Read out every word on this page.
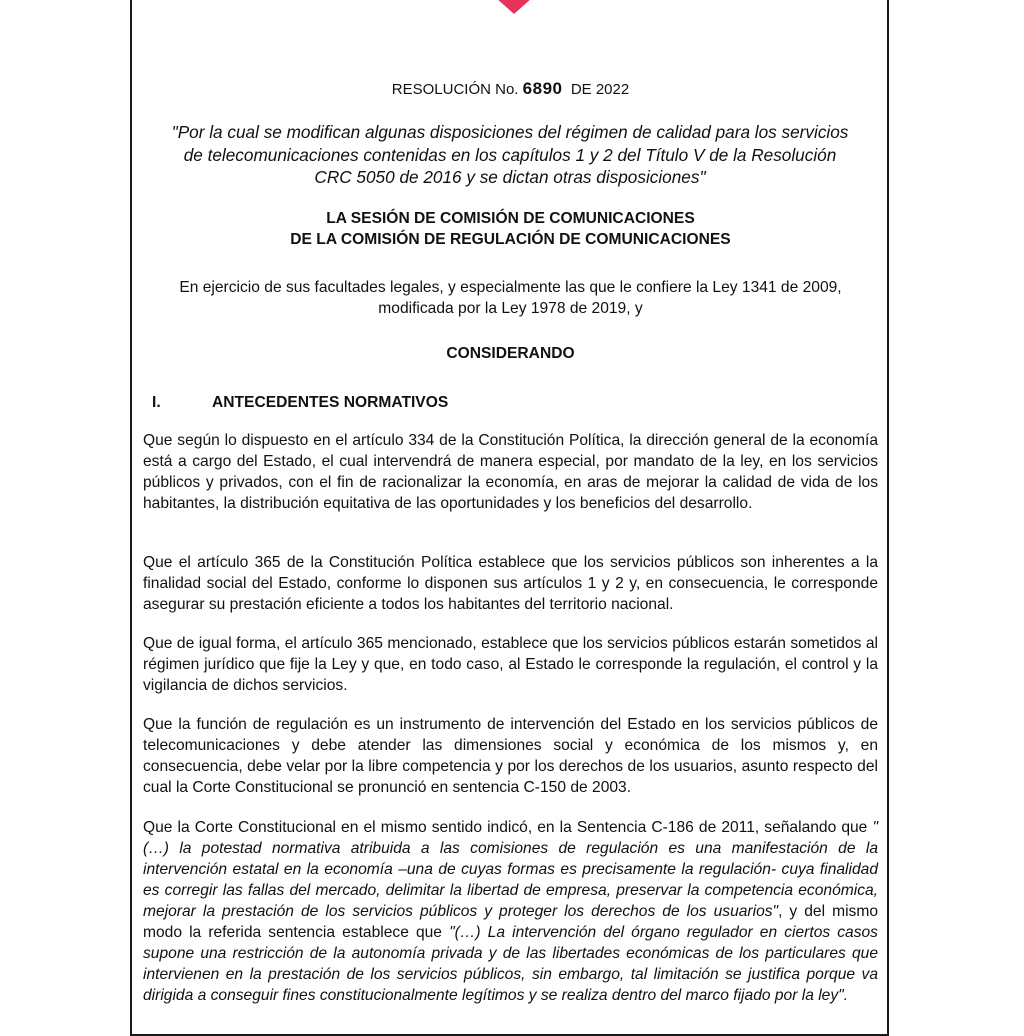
RESOLUCIÓN No. 6890 DE 2022
"Por la cual se modifican algunas disposiciones del régimen de calidad para los servicios de telecomunicaciones contenidas en los capítulos 1 y 2 del Título V de la Resolución CRC 5050 de 2016 y se dictan otras disposiciones"
LA SESIÓN DE COMISIÓN DE COMUNICACIONES
DE LA COMISIÓN DE REGULACIÓN DE COMUNICACIONES
En ejercicio de sus facultades legales, y especialmente las que le confiere la Ley 1341 de 2009,
modificada por la Ley 1978 de 2019, y
CONSIDERANDO
I.	ANTECEDENTES NORMATIVOS

Que según lo dispuesto en el artículo 334 de la Constitución Política, la dirección general de la economía está a cargo del Estado, el cual intervendrá de manera especial, por mandato de la ley, en los servicios públicos y privados, con el fin de racionalizar la economía, en aras de mejorar la calidad de vida de los habitantes, la distribución equitativa de las oportunidades y los beneficios del desarrollo.

Que el artículo 365 de la Constitución Política establece que los servicios públicos son inherentes a la finalidad social del Estado, conforme lo disponen sus artículos 1 y 2 y, en consecuencia, le corresponde asegurar su prestación eficiente a todos los habitantes del territorio nacional.

Que de igual forma, el artículo 365 mencionado, establece que los servicios públicos estarán sometidos al régimen jurídico que fije la Ley y que, en todo caso, al Estado le corresponde la regulación, el control y la vigilancia de dichos servicios.

Que la función de regulación es un instrumento de intervención del Estado en los servicios públicos de telecomunicaciones y debe atender las dimensiones social y económica de los mismos y, en consecuencia, debe velar por la libre competencia y por los derechos de los usuarios, asunto respecto del cual la Corte Constitucional se pronunció en sentencia C-150 de 2003.

Que la Corte Constitucional en el mismo sentido indicó, en la Sentencia C-186 de 2011, señalando que "(…) la potestad normativa atribuida a las comisiones de regulación es una manifestación de la intervención estatal en la economía –una de cuyas formas es precisamente la regulación- cuya finalidad es corregir las fallas del mercado, delimitar la libertad de empresa, preservar la competencia económica, mejorar la prestación de los servicios públicos y proteger los derechos de los usuarios", y del mismo modo la referida sentencia establece que "(…) La intervención del órgano regulador en ciertos casos supone una restricción de la autonomía privada y de las libertades económicas de los particulares que intervienen en la prestación de los servicios públicos, sin embargo, tal limitación se justifica porque va dirigida a conseguir fines constitucionalmente legítimos y se realiza dentro del marco fijado por la ley".
